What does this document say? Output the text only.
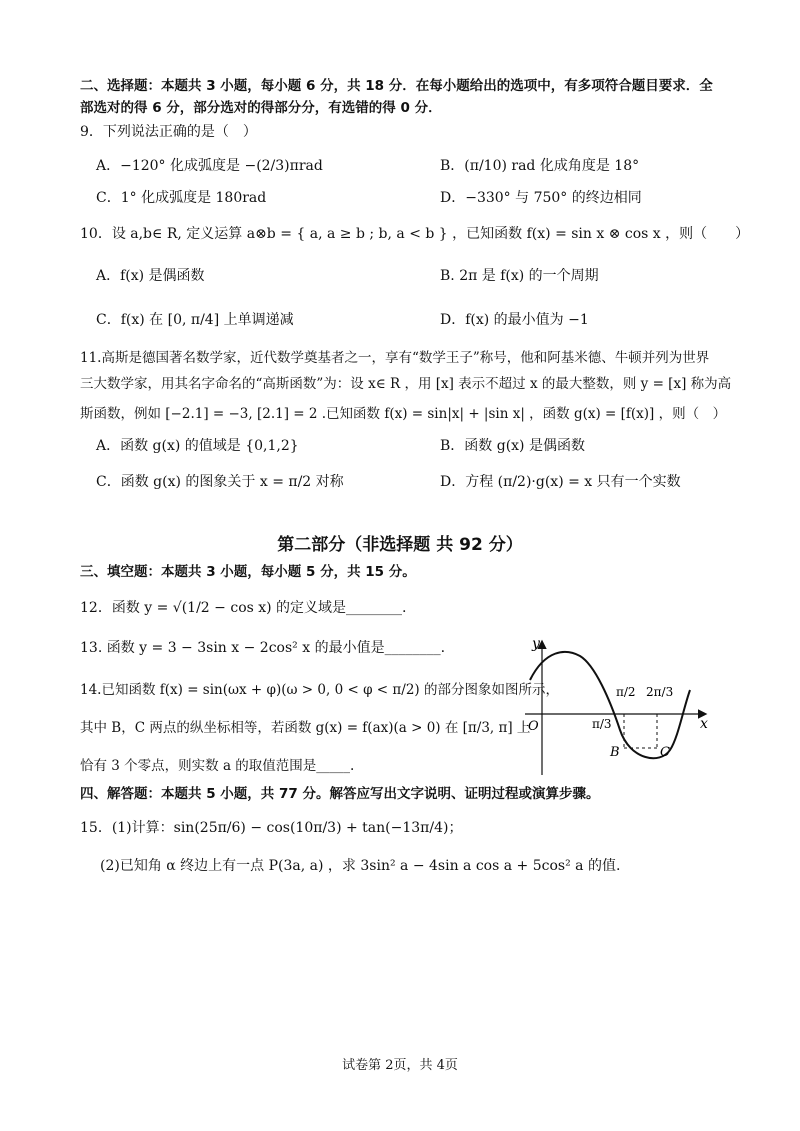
二、选择题：本题共 3 小题，每小题 6 分，共 18 分．在每小题给出的选项中，有多项符合题目要求．全
部选对的得 6 分，部分选对的得部分分，有选错的得 0 分．
9．下列说法正确的是（　）
A．−120° 化成弧度是 −(2/3)πrad	B．(π/10) rad 化成角度是 18°
C．1° 化成弧度是 180rad	D．−330° 与 750° 的终边相同
10．设 a,b∈ R, 定义运算 a⊗b = { a, a ≥ b ; b, a < b } ，已知函数 f(x) = sin x ⊗ cos x ，则（　　）
A．f(x) 是偶函数	B. 2π 是 f(x) 的一个周期
C．f(x) 在 [0, π/4] 上单调递减	D．f(x) 的最小值为 −1
11.高斯是德国著名数学家，近代数学奠基者之一，享有“数学王子”称号，他和阿基米德、牛顿并列为世界
三大数学家，用其名字命名的“高斯函数”为：设 x∈ R ，用 [x] 表示不超过 x 的最大整数，则 y = [x] 称为高
斯函数，例如 [−2.1] = −3, [2.1] = 2 .已知函数 f(x) = sin|x| + |sin x| ，函数 g(x) = [f(x)] ，则（　）
A．函数 g(x) 的值域是 {0,1,2}	B．函数 g(x) 是偶函数
C．函数 g(x) 的图象关于 x = π/2 对称	D．方程 (π/2)·g(x) = x 只有一个实数
第二部分（非选择题 共 92 分）
三、填空题：本题共 3 小题，每小题 5 分，共 15 分。
12．函数 y = √(1/2 − cos x) 的定义域是________.
13. 函数 y = 3 − 3sin x − 2cos² x 的最小值是________.
14.已知函数 f(x) = sin(ωx + φ)(ω > 0, 0 < φ < π/2) 的部分图象如图所示，
其中 B，C 两点的纵坐标相等，若函数 g(x) = f(ax)(a > 0) 在 [π/3, π] 上
恰有 3 个零点，则实数 a 的取值范围是_____.
y
x
O
π/2 2π/3
π/3
B	C
四、解答题：本题共 5 小题，共 77 分。解答应写出文字说明、证明过程或演算步骤。
15．(1)计算：sin(25π/6) − cos(10π/3) + tan(−13π/4)；
(2)已知角 α 终边上有一点 P(3a, a) ，求 3sin² a − 4sin a cos a + 5cos² a 的值.
试卷第 2页，共 4页
